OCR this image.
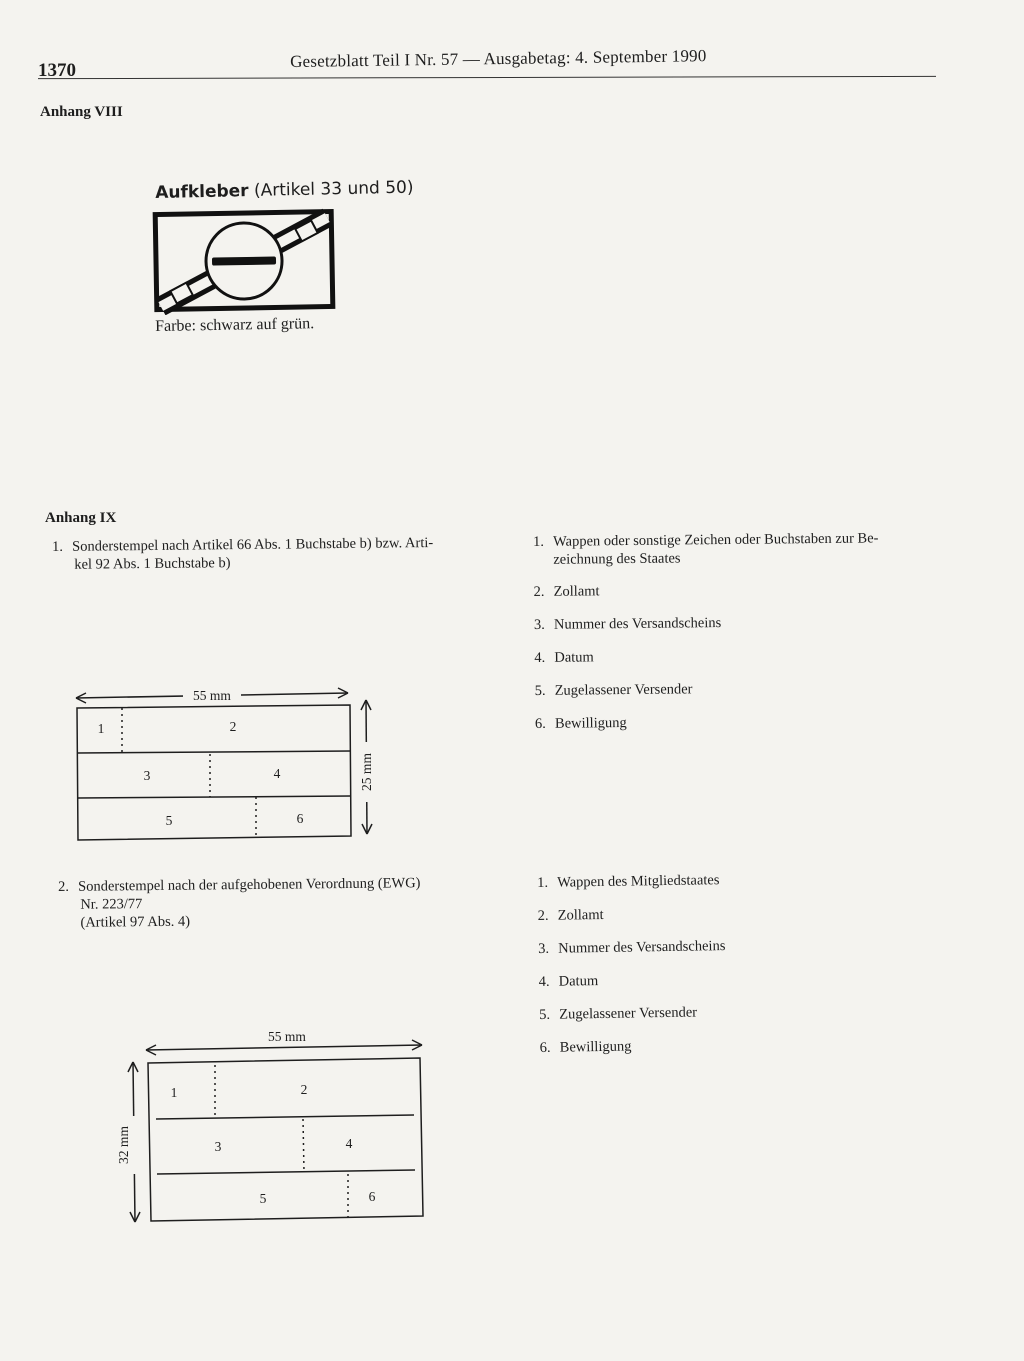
1370	Gesetzblatt Teil I Nr. 57 — Ausgabetag: 4. September 1990
Anhang VIII
Aufkleber (Artikel 33 und 50)
Farbe: schwarz auf grün.
Anhang IX
1. Sonderstempel nach Artikel 66 Abs. 1 Buchstabe b) bzw. Arti-
kel 92 Abs. 1 Buchstabe b)
1. Wappen oder sonstige Zeichen oder Buchstaben zur Be-
zeichnung des Staates
2. Zollamt
3. Nummer des Versandscheins
4. Datum
5. Zugelassener Versender
6. Bewilligung
55 mm
25 mm
1	2
3	4
5	6
2. Sonderstempel nach der aufgehobenen Verordnung (EWG)
Nr. 223/77
(Artikel 97 Abs. 4)
1. Wappen des Mitgliedstaates
2. Zollamt
3. Nummer des Versandscheins
4. Datum
5. Zugelassener Versender
6. Bewilligung
55 mm
32 mm
1	2
3	4
5	6
